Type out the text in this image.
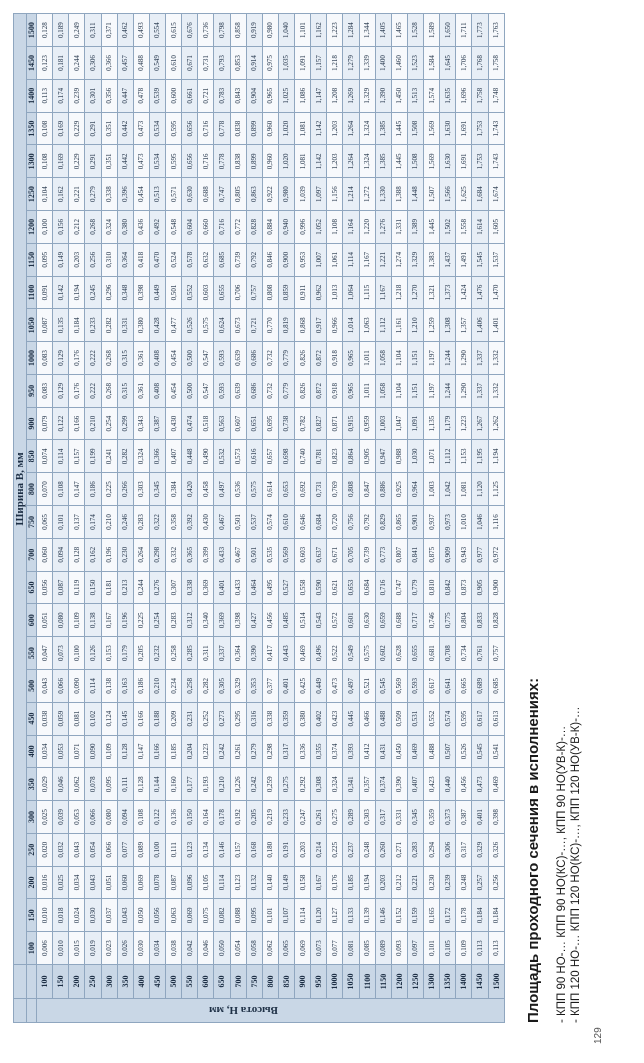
		Ширина В, мм																												
		100	150	200	250	300	350	400	450	500	550	600	650	700	750	800	850	900	950	1000	1050	1100	1150	1200	1250	1300	1350	1400	1450	1500
Высота Н, мм	100	0,006	0,010	0,016	0,020	0,025	0,029	0,034	0,038	0,043	0,047	0,051	0,056	0,060	0,065	0,070	0,074	0,079	0,083	0,083	0,087	0,091	0,095	0,100	0,104	0,108	0,108	0,113	0,123	0,128
	150	0,010	0,018	0,025	0,032	0,039	0,046	0,053	0,059	0,066	0,073	0,080	0,087	0,094	0,101	0,108	0,114	0,122	0,129	0,129	0,135	0,142	0,149	0,156	0,162	0,169	0,169	0,174	0,181	0,189
	200	0,015	0,024	0,034	0,043	0,053	0,062	0,071	0,081	0,090	0,100	0,109	0,119	0,128	0,137	0,147	0,157	0,166	0,176	0,176	0,184	0,194	0,203	0,212	0,221	0,229	0,229	0,239	0,244	0,249
	250	0,019	0,030	0,043	0,054	0,066	0,078	0,090	0,102	0,114	0,126	0,138	0,150	0,162	0,174	0,186	0,199	0,210	0,222	0,222	0,233	0,245	0,256	0,268	0,279	0,291	0,291	0,301	0,306	0,311
	300	0,023	0,037	0,051	0,066	0,080	0,095	0,109	0,124	0,138	0,153	0,167	0,181	0,196	0,210	0,225	0,241	0,254	0,268	0,268	0,282	0,296	0,310	0,324	0,338	0,351	0,351	0,356	0,366	0,371
	350	0,026	0,043	0,060	0,077	0,094	0,111	0,128	0,145	0,163	0,179	0,196	0,213	0,230	0,246	0,266	0,282	0,299	0,315	0,315	0,331	0,348	0,364	0,380	0,396	0,442	0,442	0,447	0,457	0,462
	400	0,030	0,050	0,069	0,089	0,108	0,128	0,147	0,166	0,186	0,205	0,225	0,244	0,264	0,283	0,303	0,324	0,343	0,361	0,361	0,380	0,398	0,418	0,436	0,454	0,473	0,473	0,478	0,488	0,493
	450	0,034	0,056	0,078	0,100	0,122	0,144	0,166	0,188	0,210	0,232	0,254	0,276	0,298	0,322	0,345	0,366	0,387	0,408	0,408	0,428	0,449	0,470	0,492	0,513	0,534	0,534	0,539	0,549	0,554
	500	0,038	0,063	0,087	0,111	0,136	0,160	0,185	0,209	0,234	0,258	0,283	0,307	0,332	0,358	0,384	0,407	0,430	0,454	0,454	0,477	0,501	0,524	0,548	0,571	0,595	0,595	0,600	0,610	0,615
	550	0,042	0,069	0,096	0,123	0,150	0,177	0,204	0,231	0,258	0,285	0,312	0,338	0,365	0,392	0,420	0,448	0,474	0,500	0,500	0,526	0,552	0,578	0,604	0,630	0,656	0,656	0,661	0,671	0,676
	600	0,046	0,075	0,105	0,134	0,164	0,193	0,223	0,252	0,282	0,311	0,340	0,369	0,399	0,430	0,458	0,490	0,518	0,547	0,547	0,575	0,603	0,632	0,660	0,688	0,716	0,716	0,721	0,731	0,736
	650	0,050	0,082	0,114	0,146	0,178	0,210	0,242	0,273	0,305	0,337	0,369	0,401	0,433	0,467	0,497	0,532	0,563	0,593	0,593	0,624	0,655	0,685	0,716	0,747	0,778	0,778	0,783	0,793	0,798
	700	0,054	0,088	0,123	0,157	0,192	0,226	0,261	0,295	0,329	0,364	0,398	0,433	0,467	0,501	0,536	0,573	0,607	0,639	0,639	0,673	0,706	0,739	0,772	0,805	0,838	0,838	0,843	0,853	0,858
	750	0,058	0,095	0,132	0,168	0,205	0,242	0,279	0,316	0,353	0,390	0,427	0,464	0,501	0,537	0,575	0,616	0,651	0,686	0,686	0,721	0,757	0,792	0,828	0,863	0,899	0,899	0,904	0,914	0,919
	800	0,062	0,101	0,140	0,180	0,219	0,259	0,298	0,338	0,377	0,417	0,456	0,495	0,535	0,574	0,614	0,657	0,695	0,732	0,732	0,770	0,808	0,846	0,884	0,922	0,960	0,960	0,965	0,975	0,980
	850	0,065	0,107	0,149	0,191	0,233	0,275	0,317	0,359	0,401	0,443	0,485	0,527	0,569	0,610	0,653	0,698	0,738	0,779	0,779	0,819	0,859	0,900	0,940	0,980	1,020	1,020	1,025	1,035	1,040
	900	0,069	0,114	0,158	0,203	0,247	0,292	0,336	0,380	0,425	0,469	0,514	0,558	0,603	0,646	0,692	0,740	0,782	0,826	0,826	0,868	0,911	0,953	0,996	1,039	1,081	1,081	1,086	1,091	1,101
	950	0,073	0,120	0,167	0,214	0,261	0,308	0,355	0,402	0,449	0,496	0,543	0,590	0,637	0,684	0,731	0,781	0,827	0,872	0,872	0,917	0,962	1,007	1,052	1,097	1,142	1,142	1,147	1,157	1,162
	1000	0,077	0,127	0,176	0,225	0,275	0,324	0,374	0,423	0,473	0,522	0,572	0,621	0,671	0,720	0,769	0,823	0,871	0,918	0,918	0,966	1,013	1,061	1,108	1,156	1,203	1,203	1,208	1,218	1,223
	1050	0,081	0,133	0,185	0,237	0,289	0,341	0,393	0,445	0,497	0,549	0,601	0,653	0,705	0,756	0,808	0,864	0,915	0,965	0,965	1,014	1,064	1,114	1,164	1,214	1,264	1,264	1,269	1,279	1,284
	1100	0,085	0,139	0,194	0,248	0,303	0,357	0,412	0,466	0,521	0,575	0,630	0,684	0,739	0,792	0,847	0,905	0,959	1,011	1,011	1,063	1,115	1,167	1,220	1,272	1,324	1,324	1,329	1,339	1,344
	1150	0,089	0,146	0,203	0,260	0,317	0,374	0,431	0,488	0,545	0,602	0,659	0,716	0,773	0,829	0,886	0,947	1,003	1,058	1,058	1,112	1,167	1,221	1,276	1,330	1,385	1,385	1,390	1,400	1,405
	1200	0,093	0,152	0,212	0,271	0,331	0,390	0,450	0,509	0,569	0,628	0,688	0,747	0,807	0,865	0,925	0,988	1,047	1,104	1,104	1,161	1,218	1,274	1,331	1,388	1,445	1,445	1,450	1,460	1,465
	1250	0,097	0,159	0,221	0,283	0,345	0,407	0,469	0,531	0,593	0,655	0,717	0,779	0,841	0,901	0,964	1,030	1,091	1,151	1,151	1,210	1,270	1,329	1,389	1,448	1,508	1,508	1,513	1,523	1,528
	1300	0,101	0,165	0,230	0,294	0,359	0,423	0,488	0,552	0,617	0,681	0,746	0,810	0,875	0,937	1,003	1,071	1,135	1,197	1,197	1,259	1,321	1,383	1,445	1,507	1,569	1,569	1,574	1,584	1,589
	1350	0,105	0,172	0,239	0,306	0,373	0,440	0,507	0,574	0,641	0,708	0,775	0,842	0,909	0,973	1,042	1,112	1,179	1,244	1,244	1,308	1,373	1,437	1,502	1,566	1,630	1,630	1,635	1,645	1,650
	1400	0,109	0,178	0,248	0,317	0,387	0,456	0,526	0,595	0,665	0,734	0,804	0,873	0,943	1,010	1,081	1,153	1,223	1,290	1,290	1,357	1,424	1,491	1,558	1,625	1,691	1,691	1,696	1,706	1,711
	1450	0,113	0,184	0,257	0,329	0,401	0,473	0,545	0,617	0,689	0,761	0,833	0,905	0,977	1,046	1,120	1,195	1,267	1,337	1,337	1,406	1,476	1,545	1,614	1,684	1,753	1,753	1,758	1,768	1,773
	1500	0,113	0,184	0,256	0,326	0,398	0,469	0,541	0,613	0,685	0,757	0,828	0,900	0,972	1,116	1,125	1,194	1,262	1,332	1,332	1,401	1,470	1,537	1,605	1,674	1,743	1,743	1,748	1,758	1,763
Площадь проходного сечения в исполнениях: - КПП 90 НО-… КПП 90 НО(КС)-…, КПП 90 НО(УВ-К)-… - КПП 120 НО-… КПП 120 НО(КС)-…, КПП 120 НО(УВ-К)-…
129
